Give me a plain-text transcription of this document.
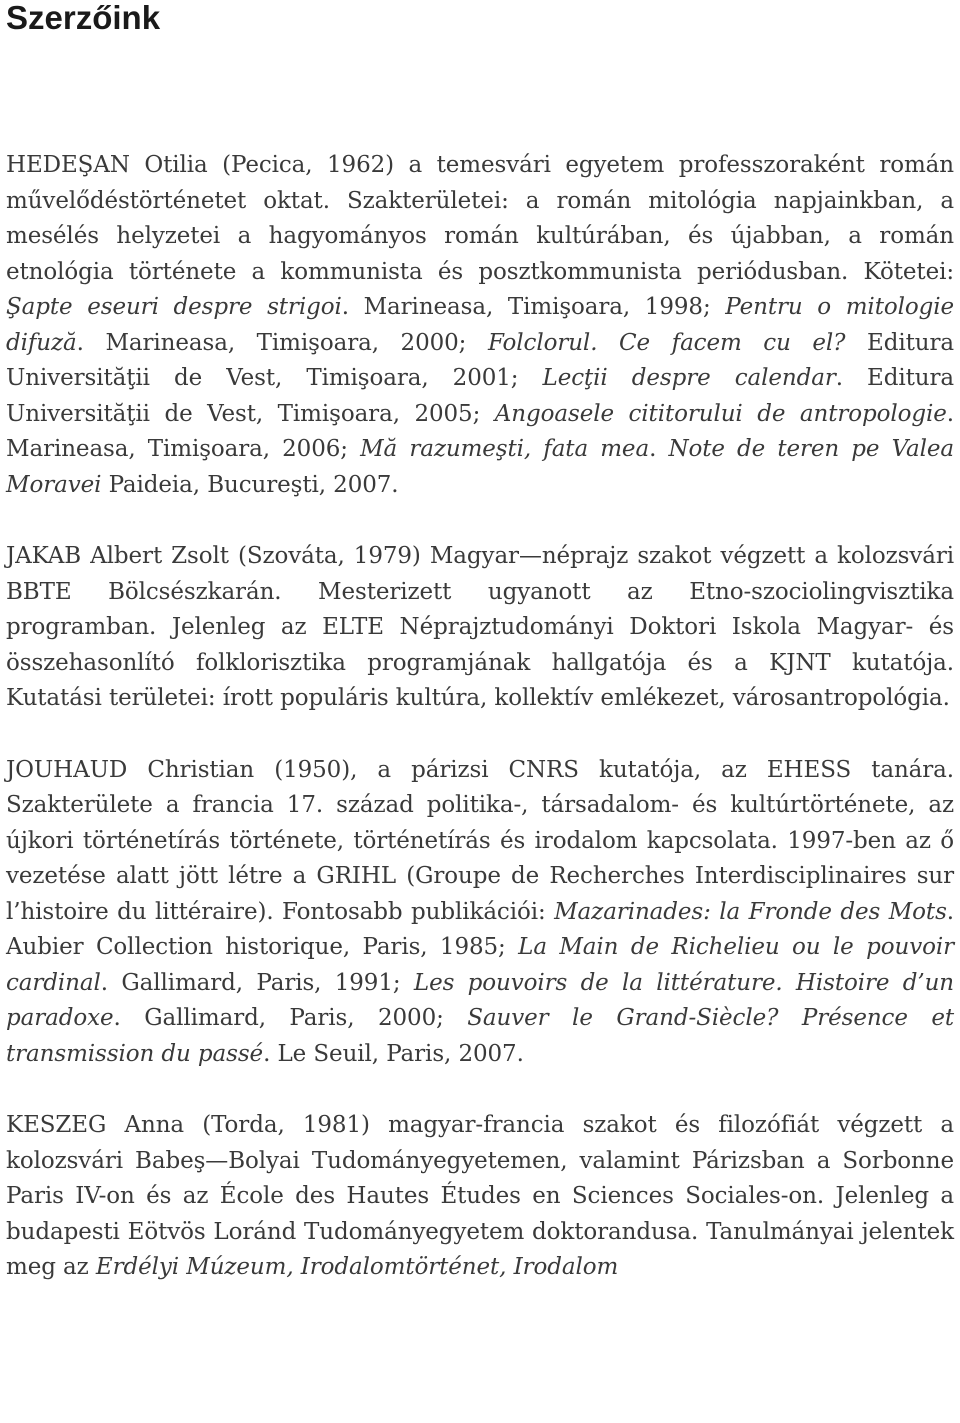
Szerzőink

HEDEŞAN Otilia (Pecica, 1962) a temesvári egyetem professzoraként román művelődéstörténetet oktat. Szakterületei: a román mitológia napjainkban, a mesélés helyzetei a hagyományos román kultúrában, és újabban, a román etnológia története a kommunista és posztkommunista periódusban. Kötetei: Şapte eseuri despre strigoi. Marineasa, Timişoara, 1998; Pentru o mitologie difuză. Marineasa, Timişoara, 2000; Folclorul. Ce facem cu el? Editura Universităţii de Vest, Timişoara, 2001; Lecţii despre calendar. Editura Universităţii de Vest, Timişoara, 2005; Angoasele cititorului de antropologie. Marineasa, Timişoara, 2006; Mă razumeşti, fata mea. Note de teren pe Valea Moravei Paideia, Bucureşti, 2007.

JAKAB Albert Zsolt (Szováta, 1979) Magyar—néprajz szakot végzett a kolozsvári BBTE Bölcsészkarán. Mesterizett ugyanott az Etno-szociolingvisztika programban. Jelenleg az ELTE Néprajztudományi Doktori Iskola Magyar- és összehasonlító folklorisztika programjának hallgatója és a KJNT kutatója. Kutatási területei: írott populáris kultúra, kollektív emlékezet, városantropológia.

JOUHAUD Christian (1950), a párizsi CNRS kutatója, az EHESS tanára. Szakterülete a francia 17. század politika-, társadalom- és kultúrtörténete, az újkori történetírás története, történetírás és irodalom kapcsolata. 1997-ben az ő vezetése alatt jött létre a GRIHL (Groupe de Recherches Interdisciplinaires sur l’histoire du littéraire). Fontosabb publikációi: Mazarinades: la Fronde des Mots. Aubier Collection historique, Paris, 1985; La Main de Richelieu ou le pouvoir cardinal. Gallimard, Paris, 1991; Les pouvoirs de la littérature. Histoire d’un paradoxe. Gallimard, Paris, 2000; Sauver le Grand-Siècle? Présence et transmission du passé. Le Seuil, Paris, 2007.

KESZEG Anna (Torda, 1981) magyar-francia szakot és filozófiát végzett a kolozsvári Babeş—Bolyai Tudományegyetemen, valamint Párizsban a Sorbonne Paris IV-on és az École des Hautes Études en Sciences Sociales-on. Jelenleg a budapesti Eötvös Loránd Tudományegyetem doktorandusa. Tanulmányai jelentek meg az Erdélyi Múzeum, Irodalomtörténet, Irodalom
